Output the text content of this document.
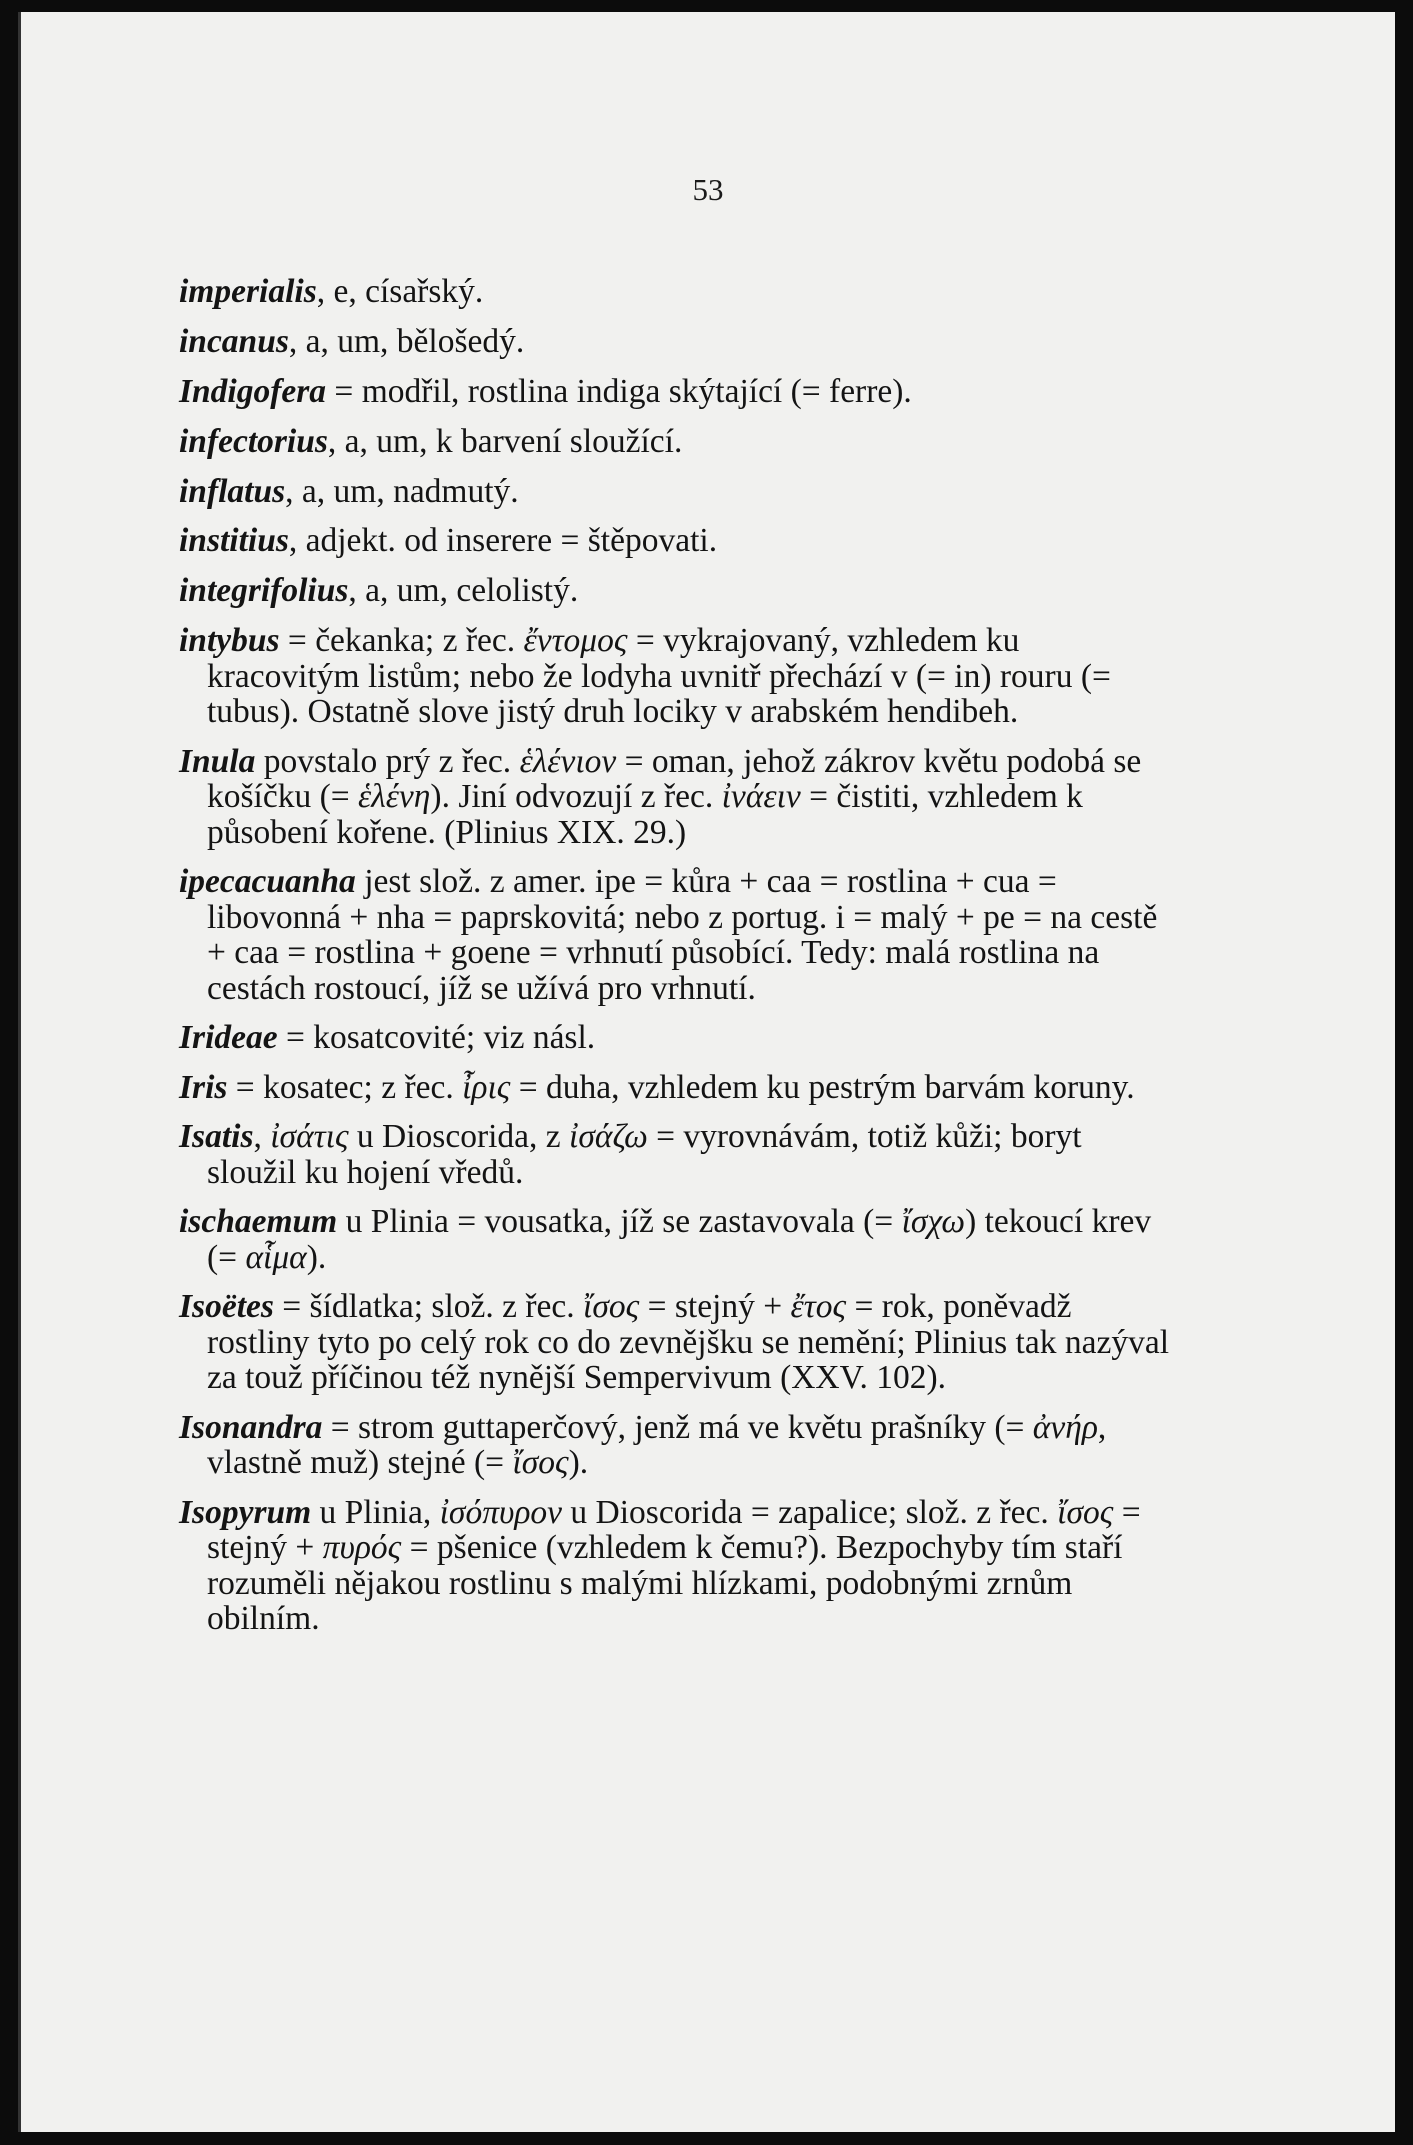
53

imperialis, e, císařský.

incanus, a, um, bělošedý.

Indigofera = modřil, rostlina indiga skýtající (= ferre).

infectorius, a, um, k barvení sloužící.

inflatus, a, um, nadmutý.

institius, adjekt. od inserere = štěpovati.

integrifolius, a, um, celolistý.

intybus = čekanka; z řec. ἔντομος = vykrajovaný, vzhledem ku kracovitým listům; nebo že lodyha uvnitř přechází v (= in) rouru (= tubus). Ostatně slove jistý druh lociky v arabském hendibeh.

Inula povstalo prý z řec. ἑλένιον = oman, jehož zákrov květu podobá se košíčku (= ἑλένη). Jiní odvozují z řec. ἰνάειν = čistiti, vzhledem k působení kořene. (Plinius XIX. 29.)

ipecacuanha jest slož. z amer. ipe = kůra + caa = rostlina + cua = libovonná + nha = paprskovitá; nebo z portug. i = malý + pe = na cestě + caa = rostlina + goene = vrhnutí působící. Tedy: malá rostlina na cestách rostoucí, jíž se užívá pro vrhnutí.

Irideae = kosatcovité; viz násl.

Iris = kosatec; z řec. ἶρις = duha, vzhledem ku pestrým barvám koruny.

Isatis, ἰσάτις u Dioscorida, z ἰσάζω = vyrovnávám, totiž kůži; boryt sloužil ku hojení vředů.

ischaemum u Plinia = vousatka, jíž se zastavovala (= ἴσχω) tekoucí krev (= αἷμα).

Isoëtes = šídlatka; slož. z řec. ἴσος = stejný + ἔτος = rok, poněvadž rostliny tyto po celý rok co do zevnějšku se nemění; Plinius tak nazýval za touž příčinou též nynější Sempervivum (XXV. 102).

Isonandra = strom guttaperčový, jenž má ve květu prašníky (= ἀνήρ, vlastně muž) stejné (= ἴσος).

Isopyrum u Plinia, ἰσόπυρον u Dioscorida = zapalice; slož. z řec. ἴσος = stejný + πυρός = pšenice (vzhledem k čemu?). Bezpochyby tím staří rozuměli nějakou rostlinu s malými hlízkami, podobnými zrnům obilním.
